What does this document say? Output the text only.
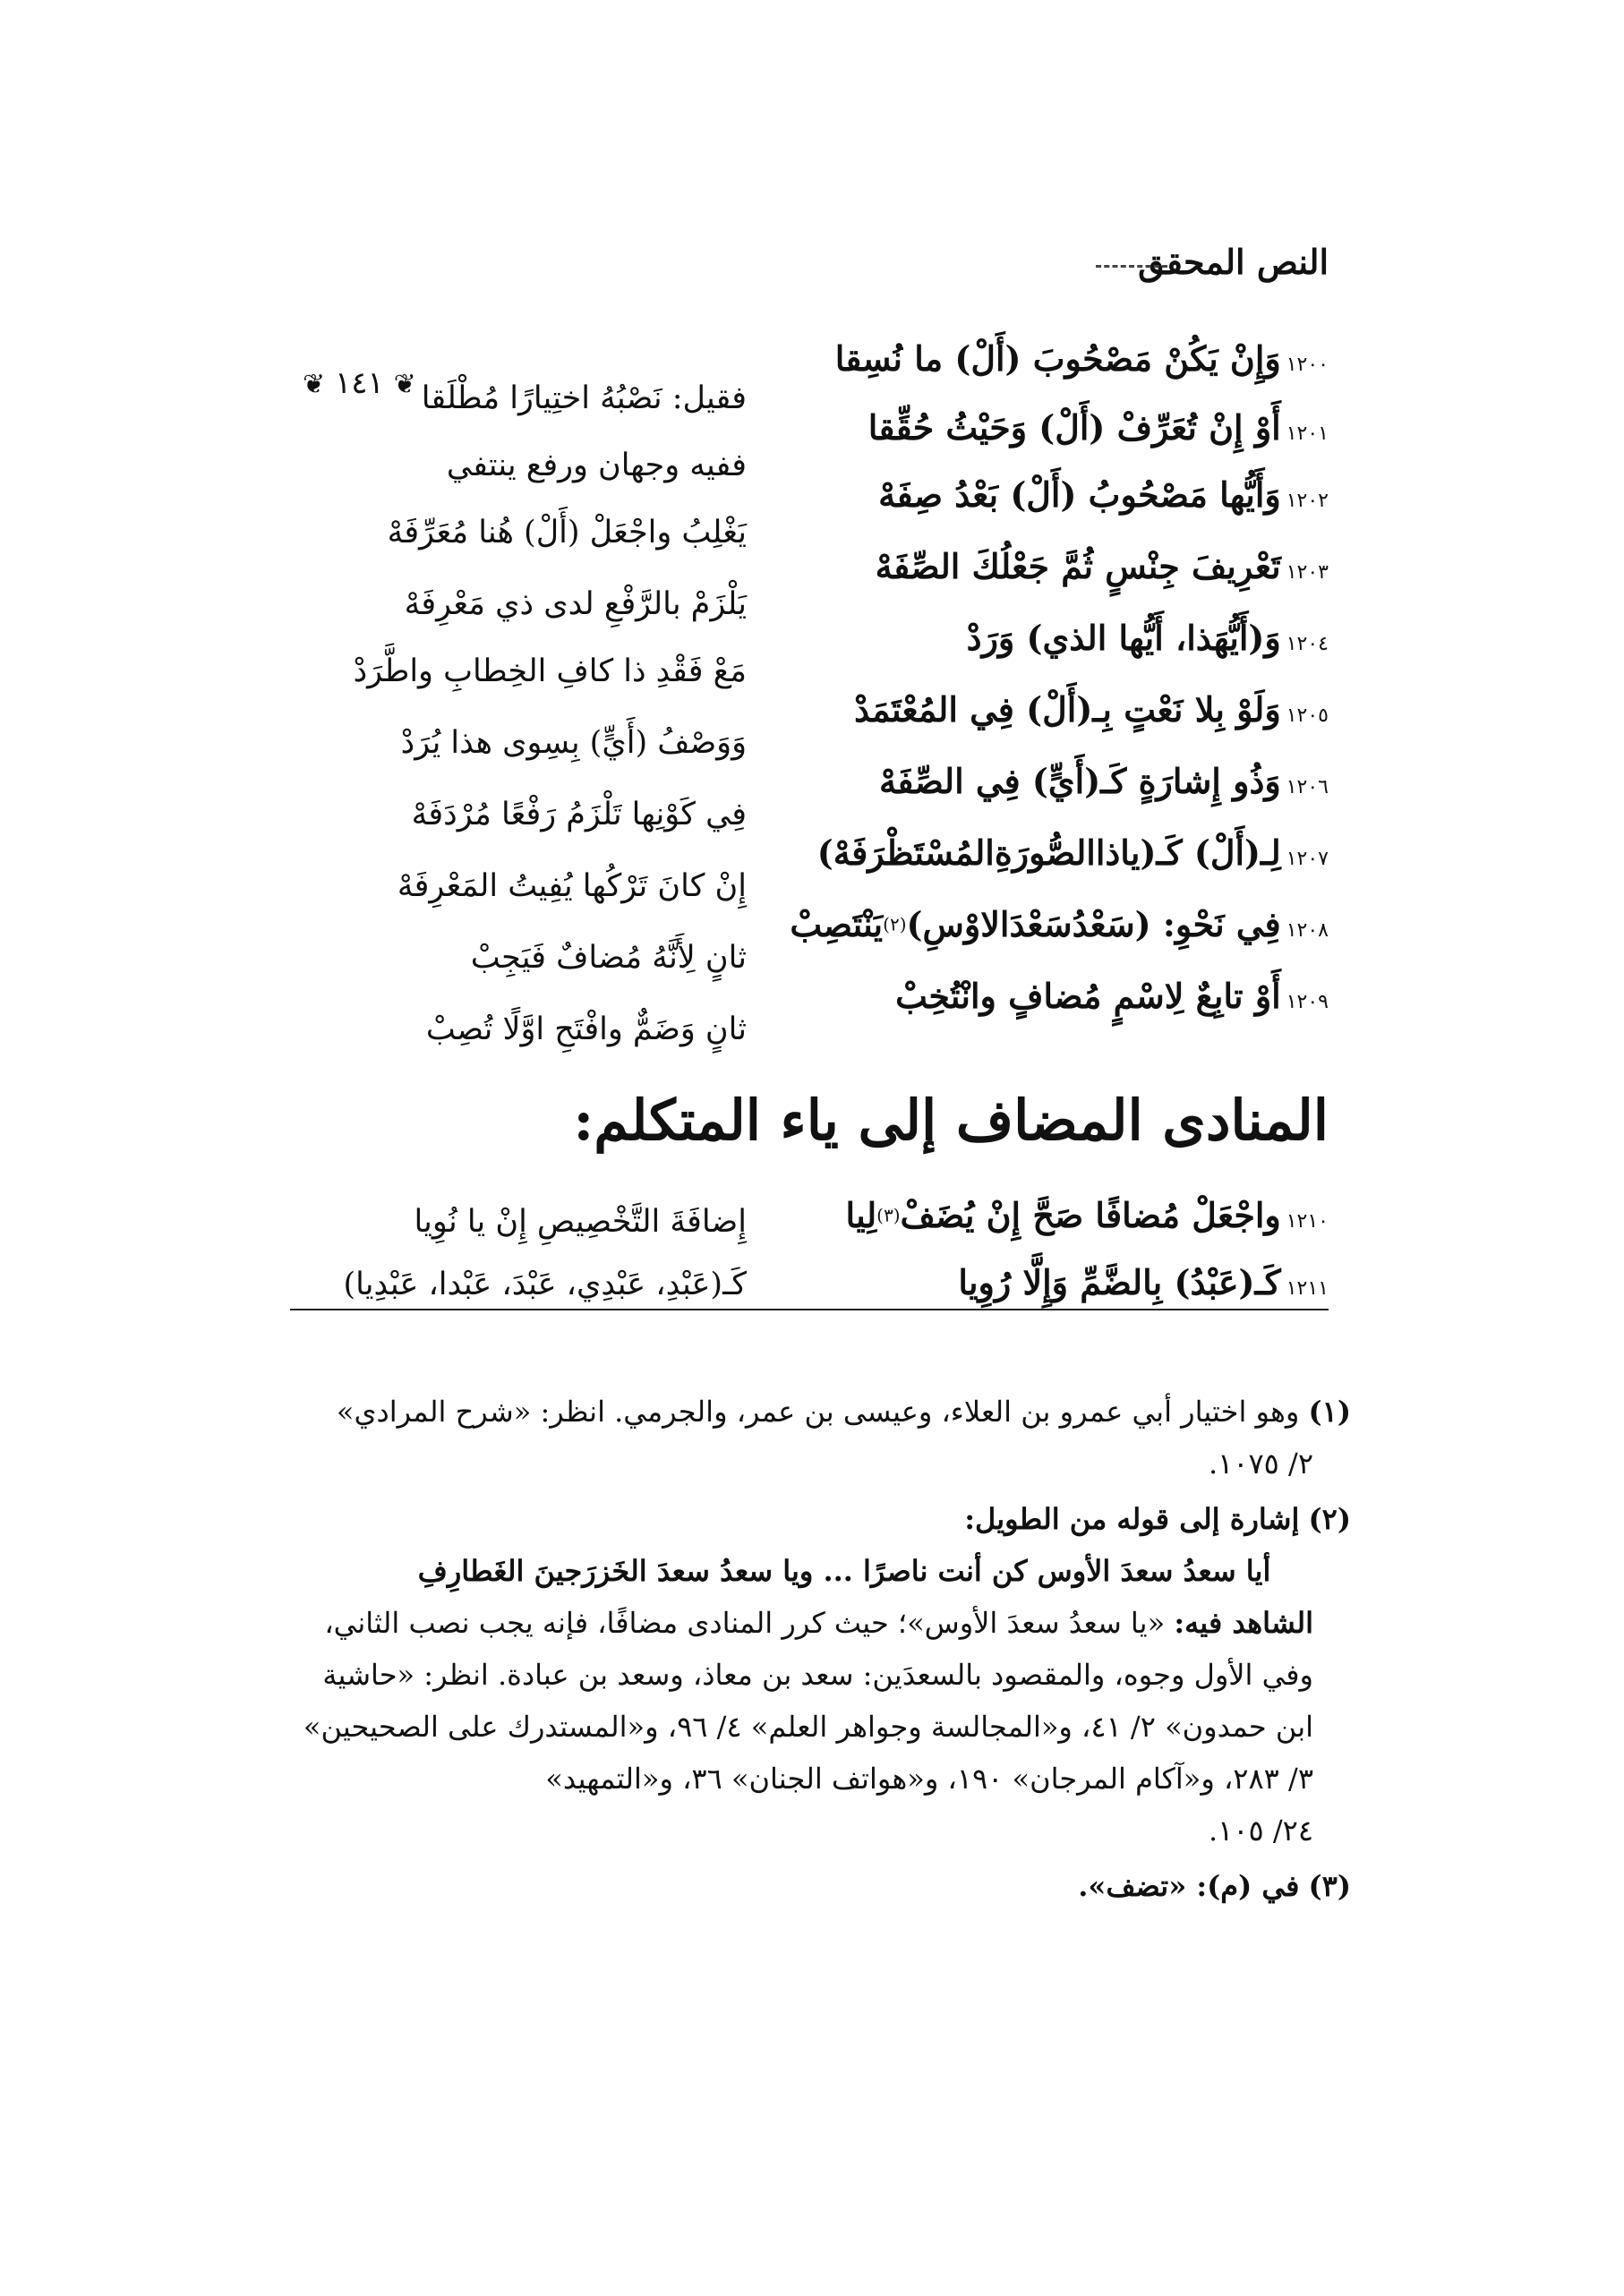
النص المحقق
❦ ١٤١ ❦
١٢٠٠وَإِنْ يَكُنْ مَصْحُوبَ (أَلْ) ما نُسِقا
فقيل: نَصْبُهُ اختِيارًا مُطْلَقا
١٢٠١أَوْ إِنْ تُعَرِّفْ (أَلْ) وَحَيْثُ حُقِّقا
ففيه وجهان ورفع ينتفي
١٢٠٢وَأَيُّها مَصْحُوبُ (أَلْ) بَعْدُ صِفَهْ
يَغْلِبُ واجْعَلْ (أَلْ) هُنا مُعَرِّفَهْ
١٢٠٣تَعْرِيفَ جِنْسٍ ثُمَّ جَعْلُكَ الصِّفَهْ
يَلْزَمْ بالرَّفْعِ لدى ذي مَعْرِفَهْ
١٢٠٤وَ(أَيُّهَذا، أَيُّها الذي) وَرَدْ
مَعْ فَقْدِ ذا كافِ الخِطابِ واطَّرَدْ
١٢٠٥وَلَوْ بِلا نَعْتٍ بِـ(أَلْ) فِي المُعْتَمَدْ
وَوَصْفُ (أَيٍّ) بِسِوى هذا يُرَدْ
١٢٠٦وَذُو إِشارَةٍ كَـ(أَيٍّ) فِي الصِّفَهْ
فِي كَوْنِها تَلْزَمُ رَفْعًا مُرْدَفَهْ
١٢٠٧لِـ(أَلْ) كَـ(ياذاالصُّورَةِالمُسْتَظْرَفَهْ)
إِنْ كانَ تَرْكُها يُفِيتُ المَعْرِفَهْ
١٢٠٨فِي نَحْوِ: (سَعْدُسَعْدَالاوْسِ)$^{(٢)}$يَنْتَصِبْ
ثانٍ لِأَنَّهُ مُضافٌ فَيَجِبْ
١٢٠٩أَوْ تابِعٌ لِاسْمٍ مُضافٍ وانْتُخِبْ
ثانٍ وَضَمٌّ وافْتَحِ اوَّلًا تُصِبْ
المنادى المضاف إلى ياء المتكلم:
١٢١٠واجْعَلْ مُضافًا صَحَّ إِنْ يُضَفْ$^{(٣)}$لِيا
إِضافَةَ التَّخْصِيصِ إِنْ يا نُوِيا
١٢١١كَـ(عَبْدُ) بِالضَّمِّ وَإِلَّا رُوِيا
كَـ(عَبْدِ، عَبْدِي، عَبْدَ، عَبْدا، عَبْدِيا)
(١) وهو اختيار أبي عمرو بن العلاء، وعيسى بن عمر، والجرمي. انظر: «شرح المرادي»
٢/ ١٠٧٥.
(٢) إشارة إلى قوله من الطويل:
أيا سعدُ سعدَ الأوس كن أنت ناصرًا ... ويا سعدُ سعدَ الخَزرَجينَ الغَطارِفِ
الشاهد فيه: «يا سعدُ سعدَ الأوس»؛ حيث كرر المنادى مضافًا، فإنه يجب نصب الثاني، وفي الأول وجوه، والمقصود بالسعدَين: سعد بن معاذ، وسعد بن عبادة. انظر: «حاشية ابن حمدون» ٢/ ٤١، و«المجالسة وجواهر العلم» ٤/ ٩٦، و«المستدرك على الصحيحين» ٣/ ٢٨٣، و«آكام المرجان» ١٩٠، و«هواتف الجنان» ٣٦، و«التمهيد»
٢٤/ ١٠٥.
(٣) في (م): «تضف».
